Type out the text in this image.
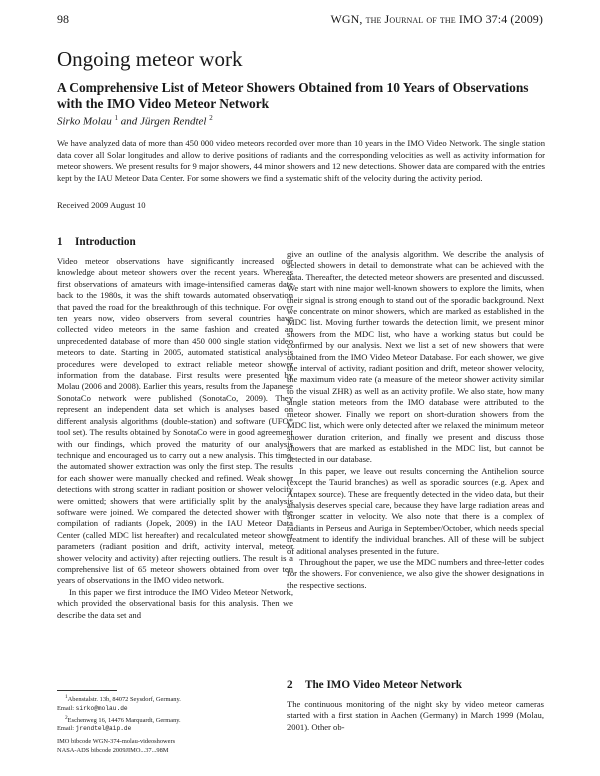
98	WGN, the Journal of the IMO 37:4 (2009)
Ongoing meteor work
A Comprehensive List of Meteor Showers Obtained from 10 Years of Observations with the IMO Video Meteor Network
Sirko Molau $^1$ and Jürgen Rendtel $^2$
We have analyzed data of more than 450 000 video meteors recorded over more than 10 years in the IMO Video Network. The single station data cover all Solar longitudes and allow to derive positions of radiants and the corresponding velocities as well as activity information for meteor showers. We present results for 9 major showers, 44 minor showers and 12 new detections. Shower data are compared with the entries kept by the IAU Meteor Data Center. For some showers we find a systematic shift of the velocity during the activity period.
Received 2009 August 10
1 Introduction

Video meteor observations have significantly increased our knowledge about meteor showers over the recent years. Whereas first observations of amateurs with image-intensified cameras date back to the 1980s, it was the shift towards automated observation that paved the road for the breakthrough of this technique. For over ten years now, video observers from several countries have collected video meteors in the same fashion and created an unprecedented database of more than 450 000 single station video meteors to date. Starting in 2005, automated statistical analysis procedures were developed to extract reliable meteor shower information from the database. First results were presented by Molau (2006 and 2008). Earlier this years, results from the Japanese SonotaCo network were published (SonotaCo, 2009). They represent an independent data set which is analyses based on different analysis algorithms (double-station) and software (UFO* tool set). The results obtained by SonotaCo were in good agreement with our findings, which proved the maturity of our analysis technique and encouraged us to carry out a new analysis. This time, the automated shower extraction was only the first step. The results for each shower were manually checked and refined. Weak shower detections with strong scatter in radiant position or shower velocity were omitted; showers that were artificially split by the analysis software were joined. We compared the detected shower with the compilation of radiants (Jopek, 2009) in the IAU Meteor Data Center (called MDC list hereafter) and recalculated meteor shower parameters (radiant position and drift, activity interval, meteor shower velocity and activity) after rejecting outliers. The result is a comprehensive list of 65 meteor showers obtained from over ten years of observations in the IMO video network.

In this paper we first introduce the IMO Video Meteor Network, which provided the observational basis for this analysis. Then we describe the data set and

give an outline of the analysis algorithm. We describe the analysis of selected showers in detail to demonstrate what can be achieved with the data. Thereafter, the detected meteor showers are presented and discussed. We start with nine major well-known showers to explore the limits, when their signal is strong enough to stand out of the sporadic background. Next we concentrate on minor showers, which are marked as established in the MDC list. Moving further towards the detection limit, we present minor showers from the MDC list, who have a working status but could be confirmed by our analysis. Next we list a set of new showers that were obtained from the IMO Video Meteor Database. For each shower, we give the interval of activity, radiant position and drift, meteor shower velocity, the maximum video rate (a measure of the meteor shower activity similar to the visual ZHR) as well as an activity profile. We also state, how many single station meteors from the IMO database were attributed to the meteor shower. Finally we report on short-duration showers from the MDC list, which were only detected after we relaxed the minimum meteor shower duration criterion, and finally we present and discuss those showers that are marked as established in the MDC list, but cannot be detected in our database.

In this paper, we leave out results concerning the Antihelion source (except the Taurid branches) as well as sporadic sources (e.g. Apex and Antapex source). These are frequently detected in the video data, but their analysis deserves special care, because they have large radiation areas and stronger scatter in velocity. We also note that there is a complex of radiants in Perseus and Auriga in September/October, which needs special treatment to identify the individual branches. All of these will be subject of aditional analyses presented in the future.

Throughout the paper, we use the MDC numbers and three-letter codes for the showers. For convenience, we also give the shower designations in the respective sections.

2 The IMO Video Meteor Network

The continuous monitoring of the night sky by video meteor cameras started with a first station in Aachen (Germany) in March 1999 (Molau, 2001). Other ob-

$^1$Abenstalstr. 13b, 84072 Seysdorf, Germany.
Email: sirko@molau.de
$^2$Eschenweg 16, 14476 Marquardt, Germany.
Email: jrendtel@aip.de
IMO bibcode WGN-374-molau-videoshowers
NASA-ADS bibcode 2009JIMO...37...98M
